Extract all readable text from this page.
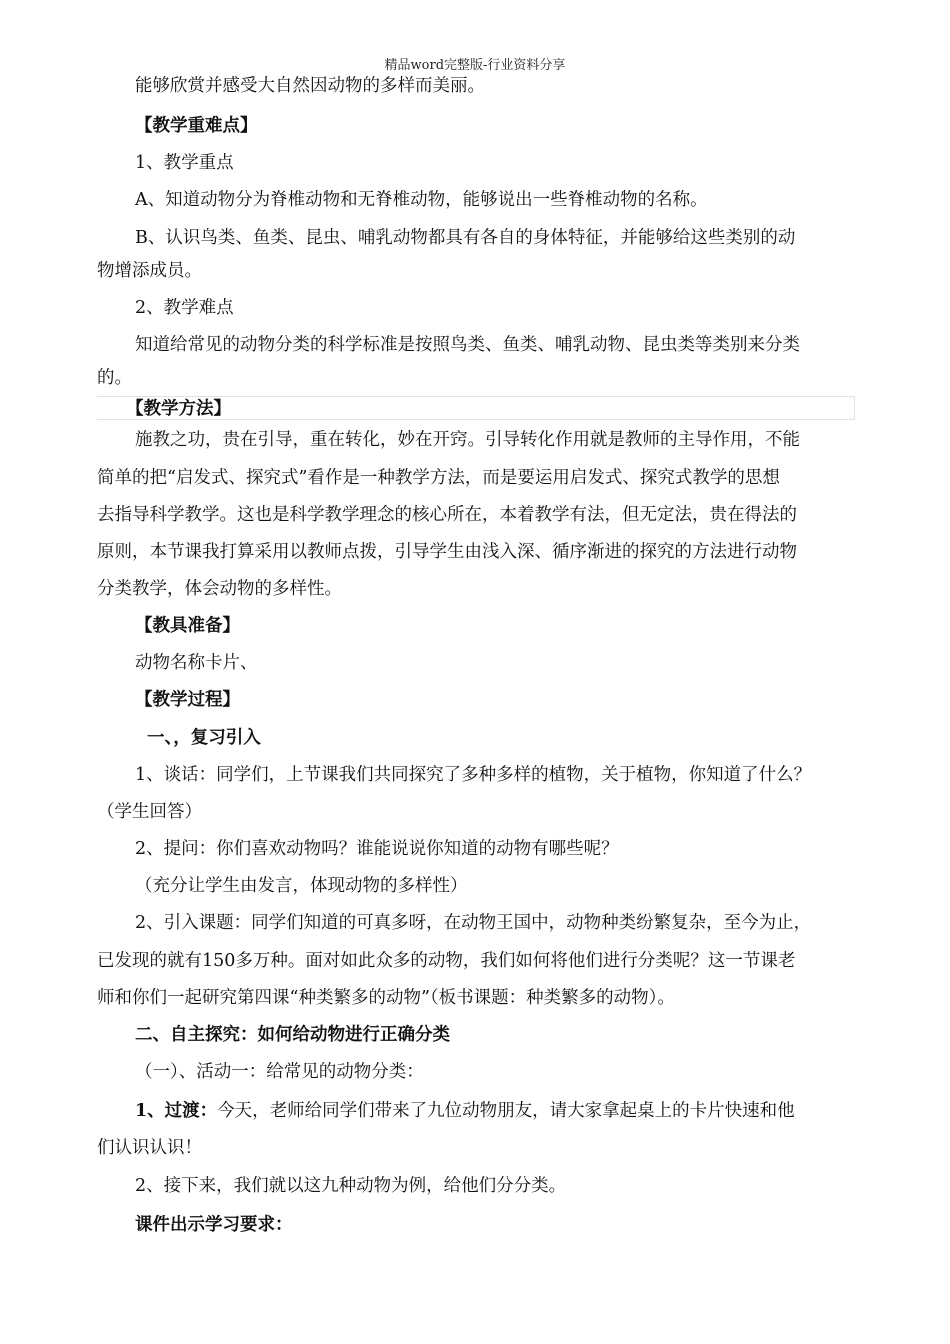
精品word完整版-行业资料分享
能够欣赏并感受大自然因动物的多样而美丽。
【教学重难点】
1、教学重点
A、知道动物分为脊椎动物和无脊椎动物，能够说出一些脊椎动物的名称。
B、认识鸟类、鱼类、昆虫、哺乳动物都具有各自的身体特征，并能够给这些类别的动
物增添成员。
2、教学难点
知道给常见的动物分类的科学标准是按照鸟类、鱼类、哺乳动物、昆虫类等类别来分类
的。
【教学方法】
施教之功，贵在引导，重在转化，妙在开窍。引导转化作用就是教师的主导作用，不能
简单的把“启发式、探究式”看作是一种教学方法，而是要运用启发式、探究式教学的思想
去指导科学教学。这也是科学教学理念的核心所在，本着教学有法，但无定法，贵在得法的
原则，本节课我打算采用以教师点拨，引导学生由浅入深、循序渐进的探究的方法进行动物
分类教学，体会动物的多样性。
【教具准备】
动物名称卡片、
【教学过程】
一、，复习引入
1、谈话：同学们，上节课我们共同探究了多种多样的植物，关于植物，你知道了什么？
（学生回答）
2、提问：你们喜欢动物吗？谁能说说你知道的动物有哪些呢？
（充分让学生由发言，体现动物的多样性）
2、引入课题：同学们知道的可真多呀，在动物王国中，动物种类纷繁复杂，至今为止，
已发现的就有150多万种。面对如此众多的动物，我们如何将他们进行分类呢？这一节课老
师和你们一起研究第四课“种类繁多的动物”（板书课题：种类繁多的动物）。
二、自主探究：如何给动物进行正确分类
（一）、活动一：给常见的动物分类：
1、过渡：今天，老师给同学们带来了九位动物朋友，请大家拿起桌上的卡片快速和他
们认识认识！
2、接下来，我们就以这九种动物为例，给他们分分类。
课件出示学习要求：
